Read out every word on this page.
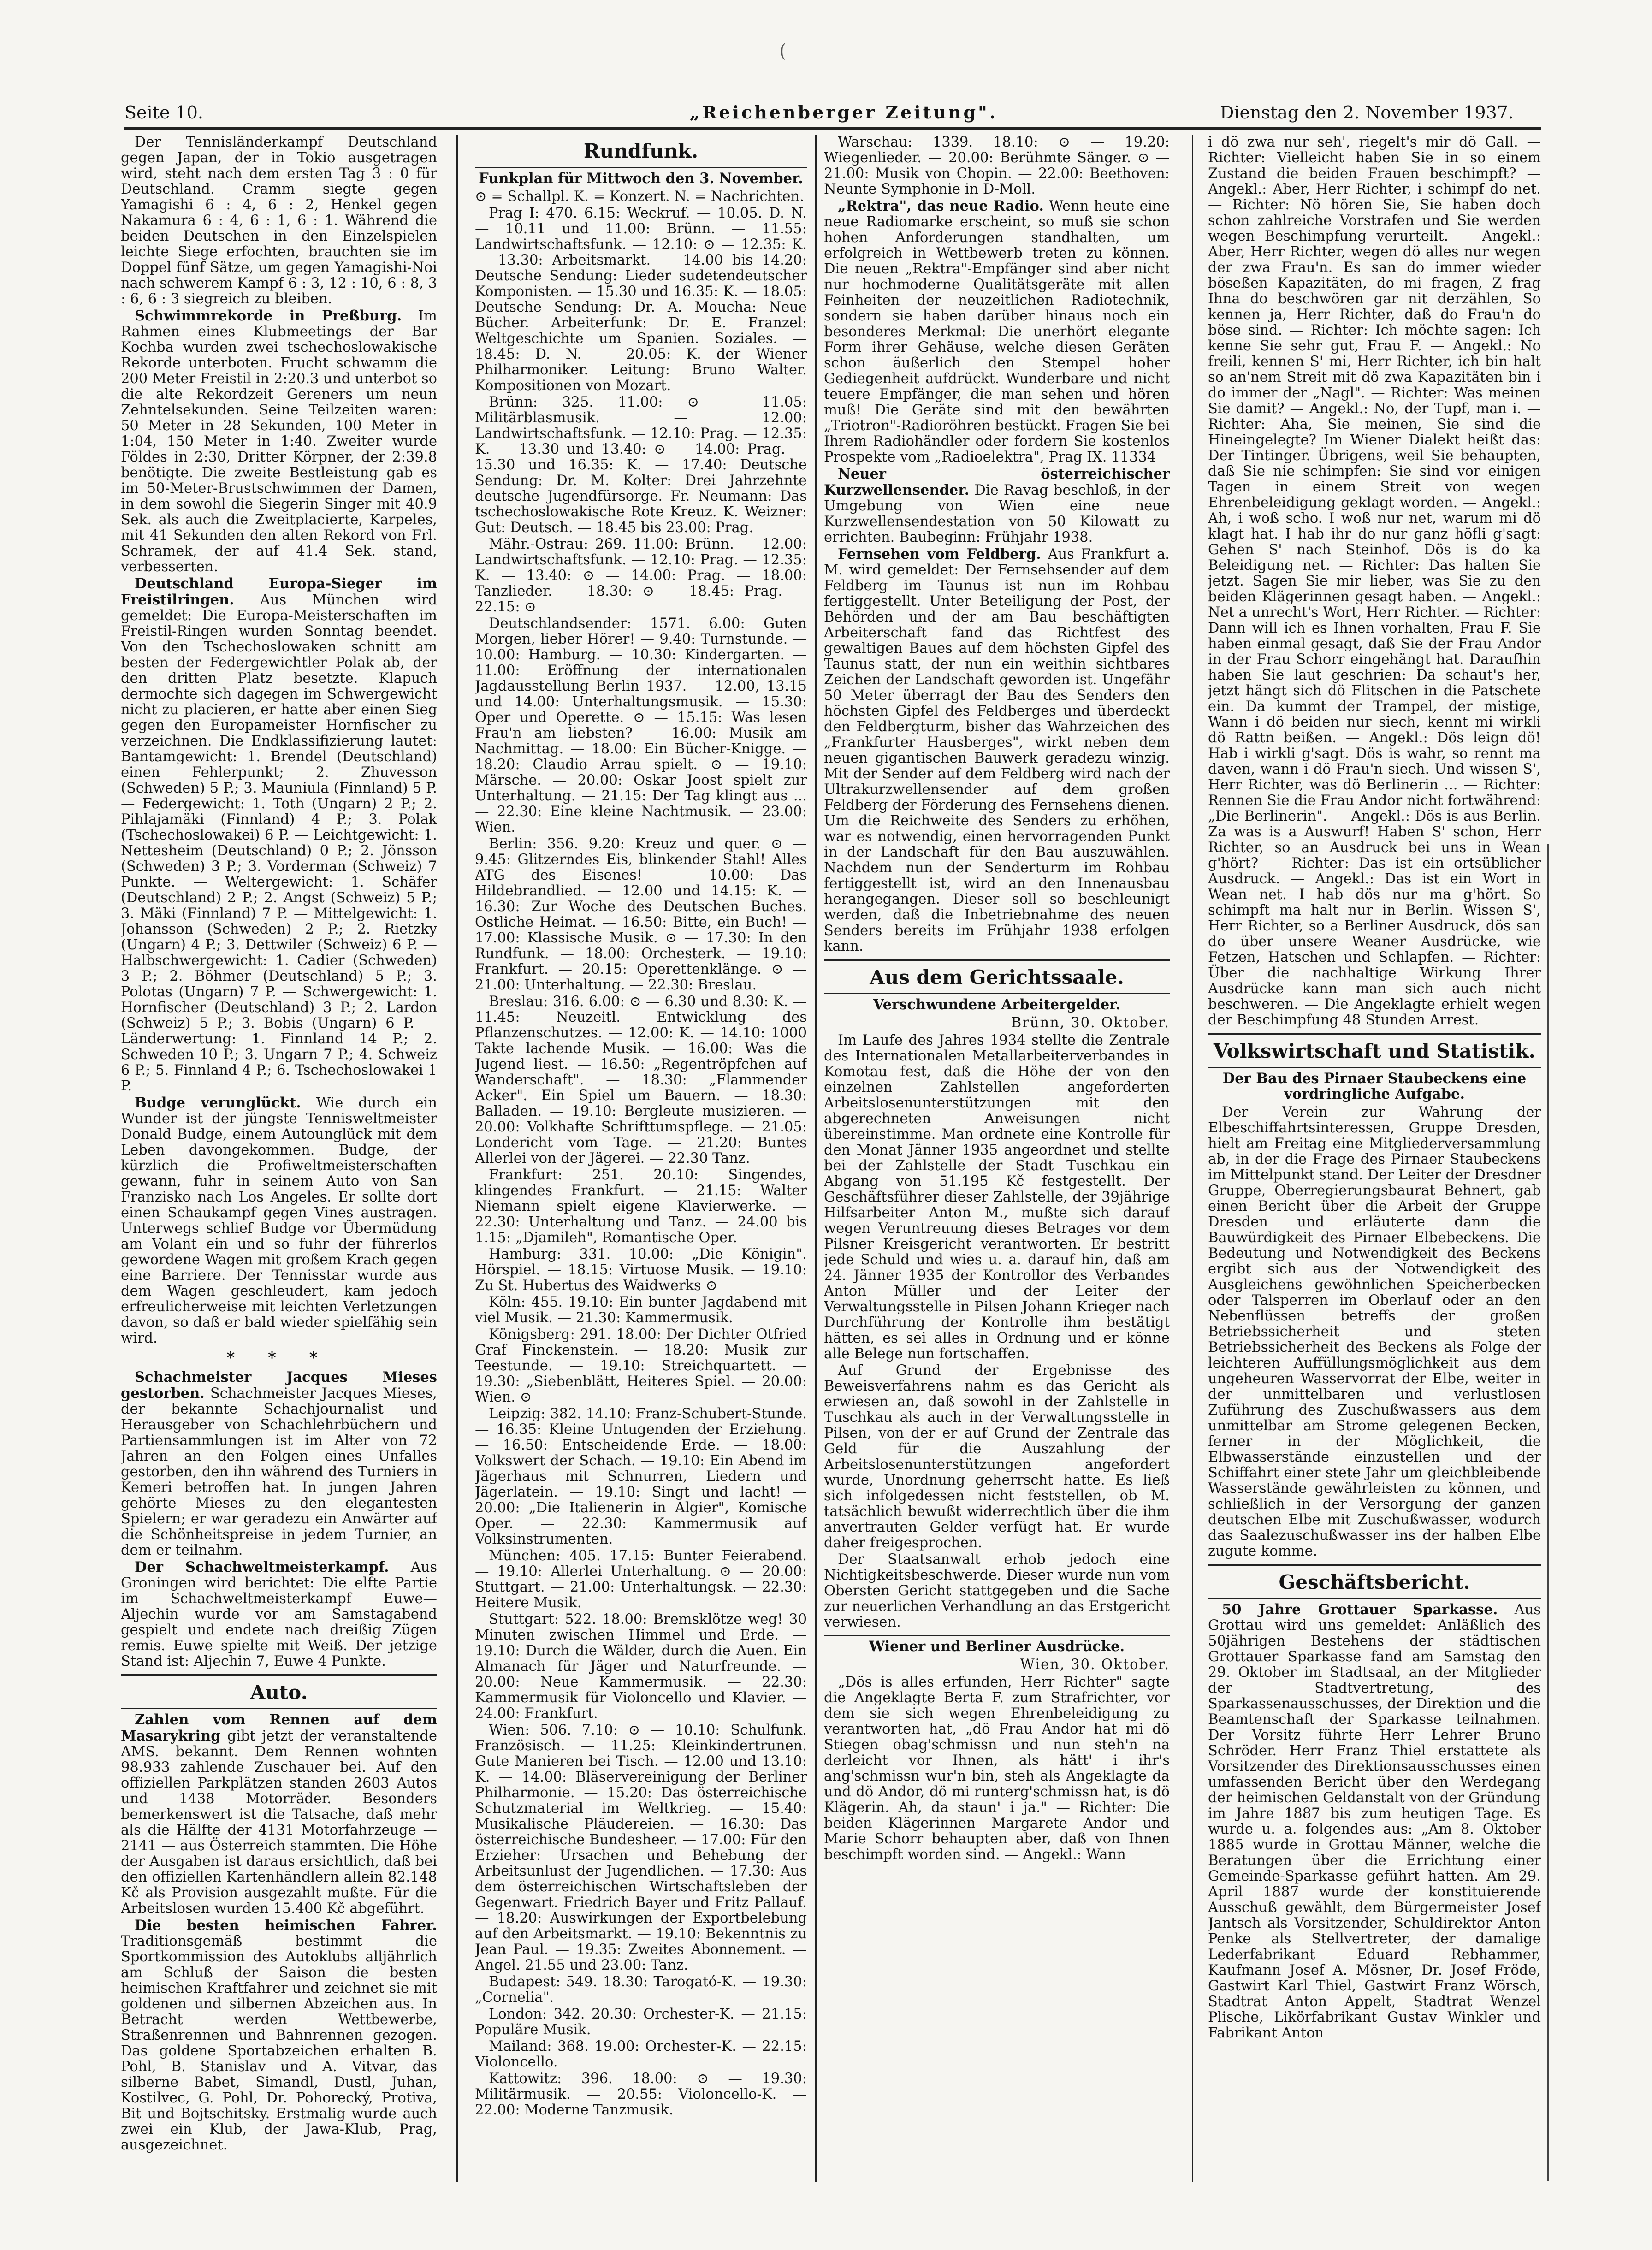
(
Seite 10.	„Reichenberger Zeitung".	Dienstag den 2. November 1937.

Der Tennisländerkampf Deutschland gegen Japan, der in Tokio ausgetragen wird, steht nach dem ersten Tag 3 : 0 für Deutschland. Cramm siegte gegen Yamagishi 6 : 4, 6 : 2, Henkel gegen Nakamura 6 : 4, 6 : 1, 6 : 1. Während die beiden Deutschen in den Einzelspielen leichte Siege erfochten, brauchten sie im Doppel fünf Sätze, um gegen Yamagishi-Noi nach schwerem Kampf 6 : 3, 12 : 10, 6 : 8, 3 : 6, 6 : 3 siegreich zu bleiben.

Schwimmrekorde in Preßburg. Im Rahmen eines Klubmeetings der Bar Kochba wurden zwei tschechoslowakische Rekorde unterboten. Frucht schwamm die 200 Meter Freistil in 2:20.3 und unterbot so die alte Rekordzeit Gereners um neun Zehntelsekunden. Seine Teilzeiten waren: 50 Meter in 28 Sekunden, 100 Meter in 1:04, 150 Meter in 1:40. Zweiter wurde Földes in 2:30, Dritter Körpner, der 2:39.8 benötigte. Die zweite Bestleistung gab es im 50-Meter-Brustschwimmen der Damen, in dem sowohl die Siegerin Singer mit 40.9 Sek. als auch die Zweitplacierte, Karpeles, mit 41 Sekunden den alten Rekord von Frl. Schramek, der auf 41.4 Sek. stand, verbesserten.

Deutschland Europa-Sieger im Freistilringen. Aus München wird gemeldet: Die Europa-Meisterschaften im Freistil-Ringen wurden Sonntag beendet. Von den Tschechoslowaken schnitt am besten der Federgewichtler Polak ab, der den dritten Platz besetzte. Klapuch dermochte sich dagegen im Schwergewicht nicht zu placieren, er hatte aber einen Sieg gegen den Europameister Hornfischer zu verzeichnen. Die Endklassifizierung lautet: Bantamgewicht: 1. Brendel (Deutschland) einen Fehlerpunkt; 2. Zhuvesson (Schweden) 5 P.; 3. Mauniula (Finnland) 5 P. — Federgewicht: 1. Toth (Ungarn) 2 P.; 2. Pihlajamäki (Finnland) 4 P.; 3. Polak (Tschechoslowakei) 6 P. — Leichtgewicht: 1. Nettesheim (Deutschland) 0 P.; 2. Jönsson (Schweden) 3 P.; 3. Vorderman (Schweiz) 7 Punkte. — Weltergewicht: 1. Schäfer (Deutschland) 2 P.; 2. Angst (Schweiz) 5 P.; 3. Mäki (Finnland) 7 P. — Mittelgewicht: 1. Johansson (Schweden) 2 P.; 2. Rietzky (Ungarn) 4 P.; 3. Dettwiler (Schweiz) 6 P. — Halbschwergewicht: 1. Cadier (Schweden) 3 P.; 2. Böhmer (Deutschland) 5 P.; 3. Polotas (Ungarn) 7 P. — Schwergewicht: 1. Hornfischer (Deutschland) 3 P.; 2. Lardon (Schweiz) 5 P.; 3. Bobis (Ungarn) 6 P. — Länderwertung: 1. Finnland 14 P.; 2. Schweden 10 P.; 3. Ungarn 7 P.; 4. Schweiz 6 P.; 5. Finnland 4 P.; 6. Tschechoslowakei 1 P.

Budge verunglückt. Wie durch ein Wunder ist der jüngste Tennisweltmeister Donald Budge, einem Autounglück mit dem Leben davongekommen. Budge, der kürzlich die Profiweltmeisterschaften gewann, fuhr in seinem Auto von San Franzisko nach Los Angeles. Er sollte dort einen Schaukampf gegen Vines austragen. Unterwegs schlief Budge vor Übermüdung am Volant ein und so fuhr der führerlos gewordene Wagen mit großem Krach gegen eine Barriere. Der Tennisstar wurde aus dem Wagen geschleudert, kam jedoch erfreulicherweise mit leichten Verletzungen davon, so daß er bald wieder spielfähig sein wird.

* * *

Schachmeister Jacques Mieses gestorben. Schachmeister Jacques Mieses, der bekannte Schachjournalist und Herausgeber von Schachlehrbüchern und Partiensammlungen ist im Alter von 72 Jahren an den Folgen eines Unfalles gestorben, den ihn während des Turniers in Kemeri betroffen hat. In jungen Jahren gehörte Mieses zu den elegantesten Spielern; er war geradezu ein Anwärter auf die Schönheitspreise in jedem Turnier, an dem er teilnahm.

Der Schachweltmeisterkampf. Aus Groningen wird berichtet: Die elfte Partie im Schachweltmeisterkampf Euwe—Aljechin wurde vor am Samstagabend gespielt und endete nach dreißig Zügen remis. Euwe spielte mit Weiß. Der jetzige Stand ist: Aljechin 7, Euwe 4 Punkte.

Auto.

Zahlen vom Rennen auf dem Masarykring gibt jetzt der veranstaltende AMS. bekannt. Dem Rennen wohnten 98.933 zahlende Zuschauer bei. Auf den offiziellen Parkplätzen standen 2603 Autos und 1438 Motorräder. Besonders bemerkenswert ist die Tatsache, daß mehr als die Hälfte der 4131 Motorfahrzeuge — 2141 — aus Österreich stammten. Die Höhe der Ausgaben ist daraus ersichtlich, daß bei den offiziellen Kartenhändlern allein 82.148 Kč als Provision ausgezahlt mußte. Für die Arbeitslosen wurden 15.400 Kč abgeführt.

Die besten heimischen Fahrer. Traditionsgemäß bestimmt die Sportkommission des Autoklubs alljährlich am Schluß der Saison die besten heimischen Kraftfahrer und zeichnet sie mit goldenen und silbernen Abzeichen aus. In Betracht werden Wettbewerbe, Straßenrennen und Bahnrennen gezogen. Das goldene Sportabzeichen erhalten B. Pohl, B. Stanislav und A. Vitvar, das silberne Babet, Simandl, Dustl, Juhan, Kostilvec, G. Pohl, Dr. Pohorecký, Protiva, Bit und Bojtschitsky. Erstmalig wurde auch zwei ein Klub, der Jawa-Klub, Prag, ausgezeichnet.

Rundfunk.

Funkplan für Mittwoch den 3. November.

⊙ = Schallpl. K. = Konzert. N. = Nachrichten.

Prag I: 470. 6.15: Weckruf. — 10.05. D. N. — 10.11 und 11.00: Brünn. — 11.55: Landwirtschaftsfunk. — 12.10: ⊙ — 12.35: K. — 13.30: Arbeitsmarkt. — 14.00 bis 14.20: Deutsche Sendung: Lieder sudetendeutscher Komponisten. — 15.30 und 16.35: K. — 18.05: Deutsche Sendung: Dr. A. Moucha: Neue Bücher. Arbeiterfunk: Dr. E. Franzel: Weltgeschichte um Spanien. Soziales. — 18.45: D. N. — 20.05: K. der Wiener Philharmoniker. Leitung: Bruno Walter. Kompositionen von Mozart.

Brünn: 325. 11.00: ⊙ — 11.05: Militärblasmusik. — 12.00: Landwirtschaftsfunk. — 12.10: Prag. — 12.35: K. — 13.30 und 13.40: ⊙ — 14.00: Prag. — 15.30 und 16.35: K. — 17.40: Deutsche Sendung: Dr. M. Kolter: Drei Jahrzehnte deutsche Jugendfürsorge. Fr. Neumann: Das tschechoslowakische Rote Kreuz. K. Weizner: Gut: Deutsch. — 18.45 bis 23.00: Prag.

Mähr.-Ostrau: 269. 11.00: Brünn. — 12.00: Landwirtschaftsfunk. — 12.10: Prag. — 12.35: K. — 13.40: ⊙ — 14.00: Prag. — 18.00: Tanzlieder. — 18.30: ⊙ — 18.45: Prag. — 22.15: ⊙

Deutschlandsender: 1571. 6.00: Guten Morgen, lieber Hörer! — 9.40: Turnstunde. — 10.00: Hamburg. — 10.30: Kindergarten. — 11.00: Eröffnung der internationalen Jagdausstellung Berlin 1937. — 12.00, 13.15 und 14.00: Unterhaltungsmusik. — 15.30: Oper und Operette. ⊙ — 15.15: Was lesen Frau'n am liebsten? — 16.00: Musik am Nachmittag. — 18.00: Ein Bücher-Knigge. — 18.20: Claudio Arrau spielt. ⊙ — 19.10: Märsche. — 20.00: Oskar Joost spielt zur Unterhaltung. — 21.15: Der Tag klingt aus ... — 22.30: Eine kleine Nachtmusik. — 23.00: Wien.

Berlin: 356. 9.20: Kreuz und quer. ⊙ — 9.45: Glitzerndes Eis, blinkender Stahl! Alles ATG des Eisenes! — 10.00: Das Hildebrandlied. — 12.00 und 14.15: K. — 16.30: Zur Woche des Deutschen Buches. Ostliche Heimat. — 16.50: Bitte, ein Buch! — 17.00: Klassische Musik. ⊙ — 17.30: In den Rundfunk. — 18.00: Orchesterk. — 19.10: Frankfurt. — 20.15: Operettenklänge. ⊙ — 21.00: Unterhaltung. — 22.30: Breslau.

Breslau: 316. 6.00: ⊙ — 6.30 und 8.30: K. — 11.45: Neuzeitl. Entwicklung des Pflanzenschutzes. — 12.00: K. — 14.10: 1000 Takte lachende Musik. — 16.00: Was die Jugend liest. — 16.50: „Regentröpfchen auf Wanderschaft". — 18.30: „Flammender Acker". Ein Spiel um Bauern. — 18.30: Balladen. — 19.10: Bergleute musizieren. — 20.00: Volkhafte Schrifttumspflege. — 21.05: Londericht vom Tage. — 21.20: Buntes Allerlei von der Jägerei. — 22.30 Tanz.

Frankfurt: 251. 20.10: Singendes, klingendes Frankfurt. — 21.15: Walter Niemann spielt eigene Klavierwerke. — 22.30: Unterhaltung und Tanz. — 24.00 bis 1.15: „Djamileh", Romantische Oper.

Hamburg: 331. 10.00: „Die Königin". Hörspiel. — 18.15: Virtuose Musik. — 19.10: Zu St. Hubertus des Waidwerks ⊙

Köln: 455. 19.10: Ein bunter Jagdabend mit viel Musik. — 21.30: Kammermusik.

Königsberg: 291. 18.00: Der Dichter Otfried Graf Finckenstein. — 18.20: Musik zur Teestunde. — 19.10: Streichquartett. — 19.30: „Siebenblätt, Heiteres Spiel. — 20.00: Wien. ⊙

Leipzig: 382. 14.10: Franz-Schubert-Stunde. — 16.35: Kleine Untugenden der Erziehung. — 16.50: Entscheidende Erde. — 18.00: Volkswert der Schach. — 19.10: Ein Abend im Jägerhaus mit Schnurren, Liedern und Jägerlatein. — 19.10: Singt und lacht! — 20.00: „Die Italienerin in Algier", Komische Oper. — 22.30: Kammermusik auf Volksinstrumenten.

München: 405. 17.15: Bunter Feierabend. — 19.10: Allerlei Unterhaltung. ⊙ — 20.00: Stuttgart. — 21.00: Unterhaltungsk. — 22.30: Heitere Musik.

Stuttgart: 522. 18.00: Bremsklötze weg! 30 Minuten zwischen Himmel und Erde. — 19.10: Durch die Wälder, durch die Auen. Ein Almanach für Jäger und Naturfreunde. — 20.00: Neue Kammermusik. — 22.30: Kammermusik für Violoncello und Klavier. — 24.00: Frankfurt.

Wien: 506. 7.10: ⊙ — 10.10: Schulfunk. Französisch. — 11.25: Kleinkindertrunen. Gute Manieren bei Tisch. — 12.00 und 13.10: K. — 14.00: Bläservereinigung der Berliner Philharmonie. — 15.20: Das österreichische Schutzmaterial im Weltkrieg. — 15.40: Musikalische Pläudereien. — 16.30: Das österreichische Bundesheer. — 17.00: Für den Erzieher: Ursachen und Behebung der Arbeitsunlust der Jugendlichen. — 17.30: Aus dem österreichischen Wirtschaftsleben der Gegenwart. Friedrich Bayer und Fritz Pallauf. — 18.20: Auswirkungen der Exportbelebung auf den Arbeitsmarkt. — 19.10: Bekenntnis zu Jean Paul. — 19.35: Zweites Abonnement. — Angel. 21.55 und 23.00: Tanz.

Budapest: 549. 18.30: Tarogató-K. — 19.30: „Cornelia".

London: 342. 20.30: Orchester-K. — 21.15: Populäre Musik.

Mailand: 368. 19.00: Orchester-K. — 22.15: Violoncello.

Kattowitz: 396. 18.00: ⊙ — 19.30: Militärmusik. — 20.55: Violoncello-K. — 22.00: Moderne Tanzmusik.

Warschau: 1339. 18.10: ⊙ — 19.20: Wiegenlieder. — 20.00: Berühmte Sänger. ⊙ — 21.00: Musik von Chopin. — 22.00: Beethoven: Neunte Symphonie in D-Moll.

„Rektra", das neue Radio. Wenn heute eine neue Radiomarke erscheint, so muß sie schon hohen Anforderungen standhalten, um erfolgreich in Wettbewerb treten zu können. Die neuen „Rektra"-Empfänger sind aber nicht nur hochmoderne Qualitätsgeräte mit allen Feinheiten der neuzeitlichen Radiotechnik, sondern sie haben darüber hinaus noch ein besonderes Merkmal: Die unerhört elegante Form ihrer Gehäuse, welche diesen Geräten schon äußerlich den Stempel hoher Gediegenheit aufdrückt. Wunderbare und nicht teuere Empfänger, die man sehen und hören muß! Die Geräte sind mit den bewährten „Triotron"-Radioröhren bestückt. Fragen Sie bei Ihrem Radiohändler oder fordern Sie kostenlos Prospekte vom „Radioelektra", Prag IX. 11334

Neuer österreichischer Kurzwellensender. Die Ravag beschloß, in der Umgebung von Wien eine neue Kurzwellensendestation von 50 Kilowatt zu errichten. Baubeginn: Frühjahr 1938.

Fernsehen vom Feldberg. Aus Frankfurt a. M. wird gemeldet: Der Fernsehsender auf dem Feldberg im Taunus ist nun im Rohbau fertiggestellt. Unter Beteiligung der Post, der Behörden und der am Bau beschäftigten Arbeiterschaft fand das Richtfest des gewaltigen Baues auf dem höchsten Gipfel des Taunus statt, der nun ein weithin sichtbares Zeichen der Landschaft geworden ist. Ungefähr 50 Meter überragt der Bau des Senders den höchsten Gipfel des Feldberges und überdeckt den Feldbergturm, bisher das Wahrzeichen des „Frankfurter Hausberges", wirkt neben dem neuen gigantischen Bauwerk geradezu winzig. Mit der Sender auf dem Feldberg wird nach der Ultrakurzwellensender auf dem großen Feldberg der Förderung des Fernsehens dienen. Um die Reichweite des Senders zu erhöhen, war es notwendig, einen hervorragenden Punkt in der Landschaft für den Bau auszuwählen. Nachdem nun der Senderturm im Rohbau fertiggestellt ist, wird an den Innenausbau herangegangen. Dieser soll so beschleunigt werden, daß die Inbetriebnahme des neuen Senders bereits im Frühjahr 1938 erfolgen kann.

Aus dem Gerichtssaale.

Verschwundene Arbeitergelder.

Brünn, 30. Oktober.

Im Laufe des Jahres 1934 stellte die Zentrale des Internationalen Metallarbeiterverbandes in Komotau fest, daß die Höhe der von den einzelnen Zahlstellen angeforderten Arbeitslosenunterstützungen mit den abgerechneten Anweisungen nicht übereinstimme. Man ordnete eine Kontrolle für den Monat Jänner 1935 angeordnet und stellte bei der Zahlstelle der Stadt Tuschkau ein Abgang von 51.195 Kč festgestellt. Der Geschäftsführer dieser Zahlstelle, der 39jährige Hilfsarbeiter Anton M., mußte sich darauf wegen Veruntreuung dieses Betrages vor dem Pilsner Kreisgericht verantworten. Er bestritt jede Schuld und wies u. a. darauf hin, daß am 24. Jänner 1935 der Kontrollor des Verbandes Anton Müller und der Leiter der Verwaltungsstelle in Pilsen Johann Krieger nach Durchführung der Kontrolle ihm bestätigt hätten, es sei alles in Ordnung und er könne alle Belege nun fortschaffen.

Auf Grund der Ergebnisse des Beweisverfahrens nahm es das Gericht als erwiesen an, daß sowohl in der Zahlstelle in Tuschkau als auch in der Verwaltungsstelle in Pilsen, von der er auf Grund der Zentrale das Geld für die Auszahlung der Arbeitslosenunterstützungen angefordert wurde, Unordnung geherrscht hatte. Es ließ sich infolgedessen nicht feststellen, ob M. tatsächlich bewußt widerrechtlich über die ihm anvertrauten Gelder verfügt hat. Er wurde daher freigesprochen.

Der Staatsanwalt erhob jedoch eine Nichtigkeitsbeschwerde. Dieser wurde nun vom Obersten Gericht stattgegeben und die Sache zur neuerlichen Verhandlung an das Erstgericht verwiesen.

Wiener und Berliner Ausdrücke.

Wien, 30. Oktober.

„Dös is alles erfunden, Herr Richter" sagte die Angeklagte Berta F. zum Strafrichter, vor dem sie sich wegen Ehrenbeleidigung zu verantworten hat, „dö Frau Andor hat mi dö Stiegen obag'schmissn und nun steh'n na derleicht vor Ihnen, als hätt' i ihr's ang'schmissn wur'n bin, steh als Angeklagte da und dö Andor, dö mi runterg'schmissn hat, is dö Klägerin. Ah, da staun' i ja." — Richter: Die beiden Klägerinnen Margarete Andor und Marie Schorr behaupten aber, daß von Ihnen beschimpft worden sind. — Angekl.: Wann

i dö zwa nur seh', riegelt's mir dö Gall. — Richter: Vielleicht haben Sie in so einem Zustand die beiden Frauen beschimpft? — Angekl.: Aber, Herr Richter, i schimpf do net. — Richter: Nö hören Sie, Sie haben doch schon zahlreiche Vorstrafen und Sie werden wegen Beschimpfung verurteilt. — Angekl.: Aber, Herr Richter, wegen dö alles nur wegen der zwa Frau'n. Es san do immer wieder böseßen Kapazitäten, do mi fragen, Z frag Ihna do beschwören gar nit derzählen, So kennen ja, Herr Richter, daß do Frau'n do böse sind. — Richter: Ich möchte sagen: Ich kenne Sie sehr gut, Frau F. — Angekl.: No freili, kennen S' mi, Herr Richter, ich bin halt so an'nem Streit mit dö zwa Kapazitäten bin i do immer der „Nagl". — Richter: Was meinen Sie damit? — Angekl.: No, der Tupf, man i. — Richter: Aha, Sie meinen, Sie sind die Hineingelegte? Im Wiener Dialekt heißt das: Der Tintinger. Übrigens, weil Sie behaupten, daß Sie nie schimpfen: Sie sind vor einigen Tagen in einem Streit von wegen Ehrenbeleidigung geklagt worden. — Angekl.: Ah, i woß scho. I woß nur net, warum mi dö klagt hat. I hab ihr do nur ganz höfli g'sagt: Gehen S' nach Steinhof. Dös is do ka Beleidigung net. — Richter: Das halten Sie jetzt. Sagen Sie mir lieber, was Sie zu den beiden Klägerinnen gesagt haben. — Angekl.: Net a unrecht's Wort, Herr Richter. — Richter: Dann will ich es Ihnen vorhalten, Frau F. Sie haben einmal gesagt, daß Sie der Frau Andor in der Frau Schorr eingehängt hat. Daraufhin haben Sie laut geschrien: Da schaut's her, jetzt hängt sich dö Flitschen in die Patschete ein. Da kummt der Trampel, der mistige, Wann i dö beiden nur siech, kennt mi wirkli dö Rattn beißen. — Angekl.: Dös leign dö! Hab i wirkli g'sagt. Dös is wahr, so rennt ma daven, wann i dö Frau'n siech. Und wissen S', Herr Richter, was dö Berlinerin ... — Richter: Rennen Sie die Frau Andor nicht fortwährend: „Die Berlinerin". — Angekl.: Dös is aus Berlin. Za was is a Auswurf! Haben S' schon, Herr Richter, so an Ausdruck bei uns in Wean g'hört? — Richter: Das ist ein ortsüblicher Ausdruck. — Angekl.: Das ist ein Wort in Wean net. I hab dös nur ma g'hört. So schimpft ma halt nur in Berlin. Wissen S', Herr Richter, so a Berliner Ausdruck, dös san do über unsere Weaner Ausdrücke, wie Fetzen, Hatschen und Schlapfen. — Richter: Über die nachhaltige Wirkung Ihrer Ausdrücke kann man sich auch nicht beschweren. — Die Angeklagte erhielt wegen der Beschimpfung 48 Stunden Arrest.

Volkswirtschaft und Statistik.

Der Bau des Pirnaer Staubeckens eine vordringliche Aufgabe.

Der Verein zur Wahrung der Elbeschiffahrtsinteressen, Gruppe Dresden, hielt am Freitag eine Mitgliederversammlung ab, in der die Frage des Pirnaer Staubeckens im Mittelpunkt stand. Der Leiter der Dresdner Gruppe, Oberregierungsbaurat Behnert, gab einen Bericht über die Arbeit der Gruppe Dresden und erläuterte dann die Bauwürdigkeit des Pirnaer Elbebeckens. Die Bedeutung und Notwendigkeit des Beckens ergibt sich aus der Notwendigkeit des Ausgleichens gewöhnlichen Speicherbecken oder Talsperren im Oberlauf oder an den Nebenflüssen betreffs der großen Betriebssicherheit und steten Betriebssicherheit des Beckens als Folge der leichteren Auffüllungsmöglichkeit aus dem ungeheuren Wasservorrat der Elbe, weiter in der unmittelbaren und verlustlosen Zuführung des Zuschußwassers aus dem unmittelbar am Strome gelegenen Becken, ferner in der Möglichkeit, die Elbwasserstände einzustellen und der Schiffahrt einer stete Jahr um gleichbleibende Wasserstände gewährleisten zu können, und schließlich in der Versorgung der ganzen deutschen Elbe mit Zuschußwasser, wodurch das Saalezuschußwasser ins der halben Elbe zugute komme.

Geschäftsbericht.

50 Jahre Grottauer Sparkasse. Aus Grottau wird uns gemeldet: Anläßlich des 50jährigen Bestehens der städtischen Grottauer Sparkasse fand am Samstag den 29. Oktober im Stadtsaal, an der Mitglieder der Stadtvertretung, des Sparkassenausschusses, der Direktion und die Beamtenschaft der Sparkasse teilnahmen. Der Vorsitz führte Herr Lehrer Bruno Schröder. Herr Franz Thiel erstattete als Vorsitzender des Direktionsausschusses einen umfassenden Bericht über den Werdegang der heimischen Geldanstalt von der Gründung im Jahre 1887 bis zum heutigen Tage. Es wurde u. a. folgendes aus: „Am 8. Oktober 1885 wurde in Grottau Männer, welche die Beratungen über die Errichtung einer Gemeinde-Sparkasse geführt hatten. Am 29. April 1887 wurde der konstituierende Ausschuß gewählt, dem Bürgermeister Josef Jantsch als Vorsitzender, Schuldirektor Anton Penke als Stellvertreter, der damalige Lederfabrikant Eduard Rebhammer, Kaufmann Josef A. Mösner, Dr. Josef Fröde, Gastwirt Karl Thiel, Gastwirt Franz Wörsch, Stadtrat Anton Appelt, Stadtrat Wenzel Plische, Likörfabrikant Gustav Winkler und Fabrikant Anton
